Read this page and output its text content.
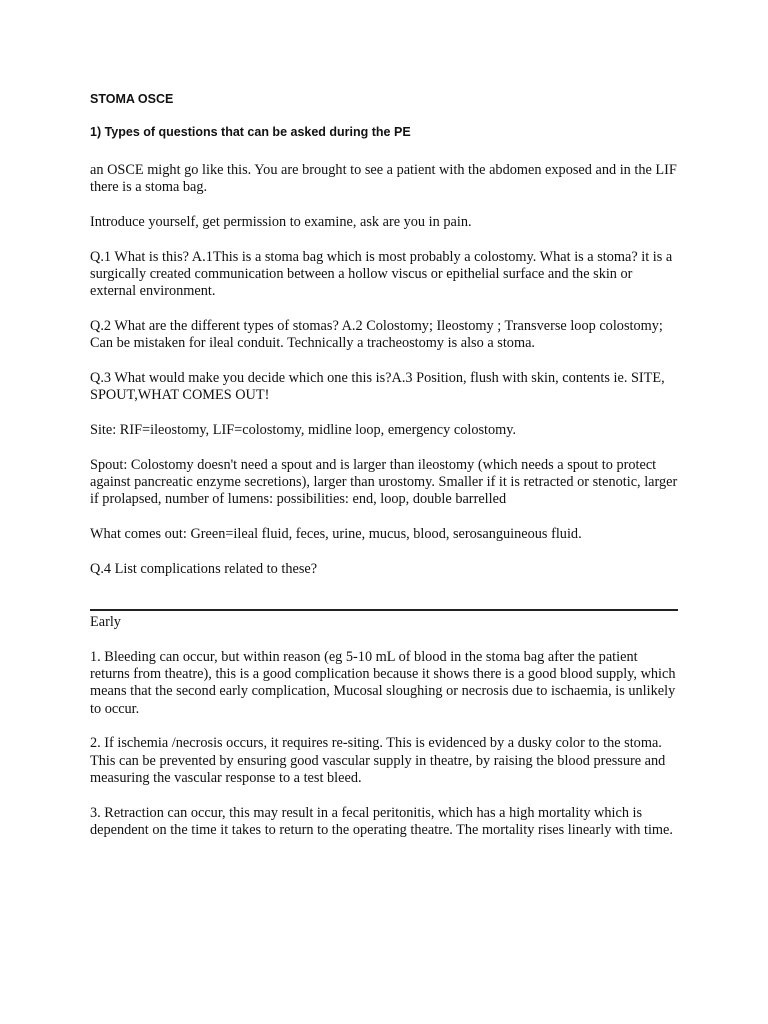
STOMA OSCE
1) Types of questions that can be asked during the PE

an OSCE might go like this. You are brought to see a patient with the abdomen exposed and in the LIF there is a stoma bag.

Introduce yourself, get permission to examine, ask are you in pain.

Q.1 What is this? A.1This is a stoma bag which is most probably a colostomy. What is a stoma? it is a surgically created communication between a hollow viscus or epithelial surface and the skin or external environment.

Q.2 What are the different types of stomas? A.2 Colostomy; Ileostomy ; Transverse loop colostomy; Can be mistaken for ileal conduit. Technically a tracheostomy is also a stoma.

Q.3 What would make you decide which one this is?A.3 Position, flush with skin, contents ie. SITE, SPOUT,WHAT COMES OUT!

Site: RIF=ileostomy, LIF=colostomy, midline loop, emergency colostomy.

Spout: Colostomy doesn't need a spout and is larger than ileostomy (which needs a spout to protect against pancreatic enzyme secretions), larger than urostomy. Smaller if it is retracted or stenotic, larger if prolapsed, number of lumens: possibilities: end, loop, double barrelled

What comes out: Green=ileal fluid, feces, urine, mucus, blood, serosanguineous fluid.

Q.4 List complications related to these?

Early

1. Bleeding can occur, but within reason (eg 5-10 mL of blood in the stoma bag after the patient returns from theatre), this is a good complication because it shows there is a good blood supply, which means that the second early complication, Mucosal sloughing or necrosis due to ischaemia, is unlikely to occur.

2. If ischemia /necrosis occurs, it requires re-siting. This is evidenced by a dusky color to the stoma. This can be prevented by ensuring good vascular supply in theatre, by raising the blood pressure and measuring the vascular response to a test bleed.

3. Retraction can occur, this may result in a fecal peritonitis, which has a high mortality which is dependent on the time it takes to return to the operating theatre. The mortality rises linearly with time.
